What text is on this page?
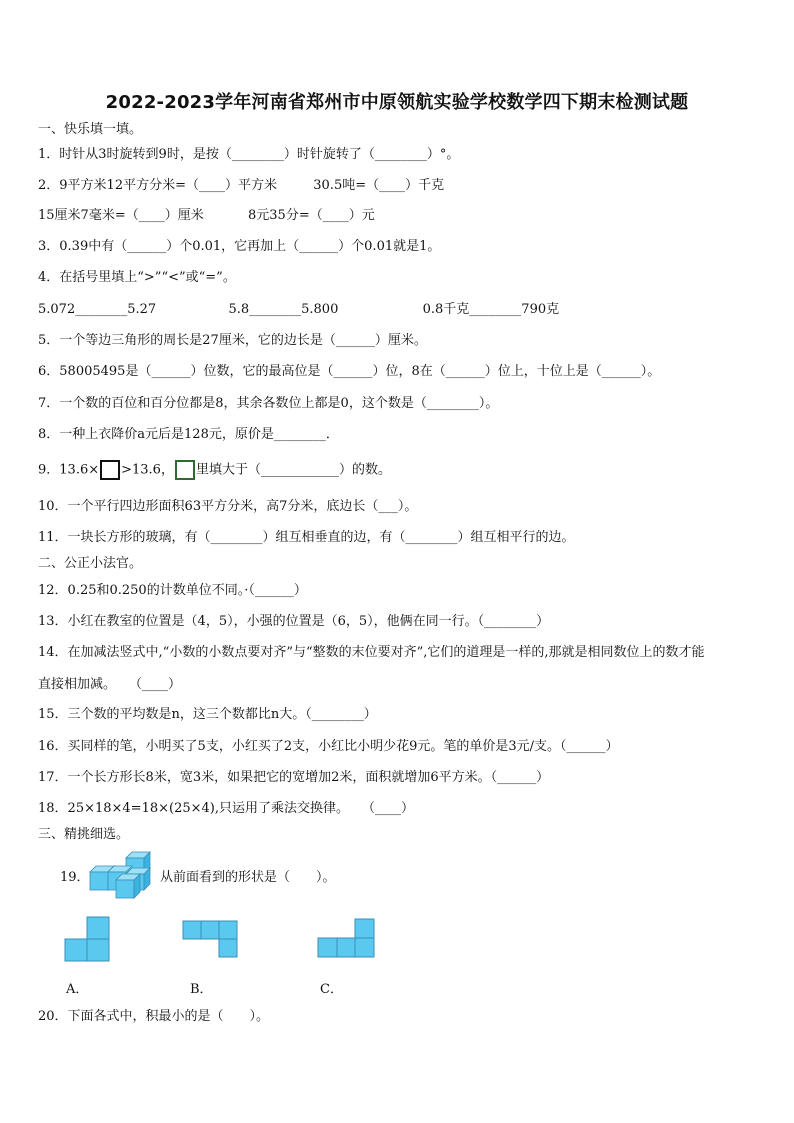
2022-2023学年河南省郑州市中原领航实验学校数学四下期末检测试题
一、快乐填一填。
1．时针从3时旋转到9时，是按（________）时针旋转了（________）°。
2．9平方米12平方分米=（____）平方米	30.5吨=（____）千克
15厘米7毫米=（____）厘米	8元35分=（____）元
3．0.39中有（______）个0.01，它再加上（______）个0.01就是1。
4．在括号里填上“>”“<”或“=”。
5.072________5.27	5.8________5.800	0.8千克________790克
5．一个等边三角形的周长是27厘米，它的边长是（______）厘米。
6．58005495是（______）位数，它的最高位是（______）位，8在（______）位上，十位上是（______）。
7．一个数的百位和百分位都是8，其余各数位上都是0，这个数是（________）。
8．一种上衣降价a元后是128元，原价是________．
9．13.6× >13.6， 里填大于（____________）的数。
10．一个平行四边形面积63平方分米，高7分米，底边长（___）。
11．一块长方形的玻璃，有（________）组互相垂直的边，有（________）组互相平行的边。
二、公正小法官。
12．0.25和0.250的计数单位不同。·（______）
13．小红在教室的位置是（4，5），小强的位置是（6，5），他俩在同一行。（________）
14．在加减法竖式中,“小数的小数点要对齐”与“整数的末位要对齐”,它们的道理是一样的,那就是相同数位上的数才能
直接相加减。　　（____）
15．三个数的平均数是n，这三个数都比n大。（________）
16．买同样的笔，小明买了5支，小红买了2支，小红比小明少花9元。笔的单价是3元/支。（______）
17．一个长方形长8米，宽3米，如果把它的宽增加2米，面积就增加6平方米。（______）
18．25×18×4=18×(25×4),只运用了乘法交换律。　　（____）
三、精挑细选。
19．	从前面看到的形状是（　　）。
A．	B．	C．
20．下面各式中，积最小的是（　　）。
